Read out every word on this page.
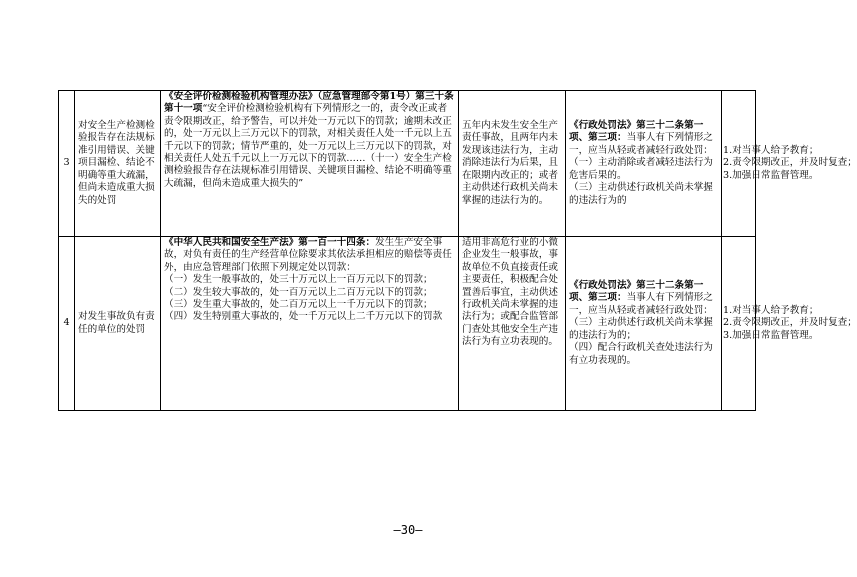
3
对安全生产检测检验报告存在法规标准引用错误、关键项目漏检、结论不明确等重大疏漏，但尚未造成重大损失的处罚

《安全评价检测检验机构管理办法》（应急管理部令第1号）第三十条第十一项“安全评价检测检验机构有下列情形之一的，责令改正或者责令限期改正，给予警告，可以并处一万元以下的罚款；逾期未改正的，处一万元以上三万元以下的罚款，对相关责任人处一千元以上五千元以下的罚款；情节严重的，处一万元以上三万元以下的罚款，对相关责任人处五千元以上一万元以下的罚款……（十一）安全生产检测检验报告存在法规标准引用错误、关键项目漏检、结论不明确等重大疏漏，但尚未造成重大损失的”

五年内未发生安全生产责任事故，且两年内未发现该违法行为，主动消除违法行为后果，且在限期内改正的；或者主动供述行政机关尚未掌握的违法行为的。

《行政处罚法》第三十二条第一项、第三项：当事人有下列情形之一，应当从轻或者减轻行政处罚：（一）主动消除或者减轻违法行为危害后果的。

（三）主动供述行政机关尚未掌握的违法行为的

1.对当事人给予教育；

2.责令限期改正，并及时复查；

3.加强日常监督管理。

4
对发生事故负有责任的单位的处罚

《中华人民共和国安全生产法》第一百一十四条：发生生产安全事故，对负有责任的生产经营单位除要求其依法承担相应的赔偿等责任外，由应急管理部门依照下列规定处以罚款：

（一）发生一般事故的，处三十万元以上一百万元以下的罚款；

（二）发生较大事故的，处一百万元以上二百万元以下的罚款；

（三）发生重大事故的，处二百万元以上一千万元以下的罚款；

（四）发生特别重大事故的，处一千万元以上二千万元以下的罚款

适用非高危行业的小微企业发生一般事故，事故单位不负直接责任或主要责任，积极配合处置善后事宜，主动供述行政机关尚未掌握的违法行为；或配合监管部门查处其他安全生产违法行为有立功表现的。

《行政处罚法》第三十二条第一项、第三项：当事人有下列情形之一，应当从轻或者减轻行政处罚：（三）主动供述行政机关尚未掌握的违法行为的；

（四）配合行政机关查处违法行为有立功表现的。

1.对当事人给予教育；

2.责令限期改正，并及时复查；

3.加强日常监督管理。

—30—
